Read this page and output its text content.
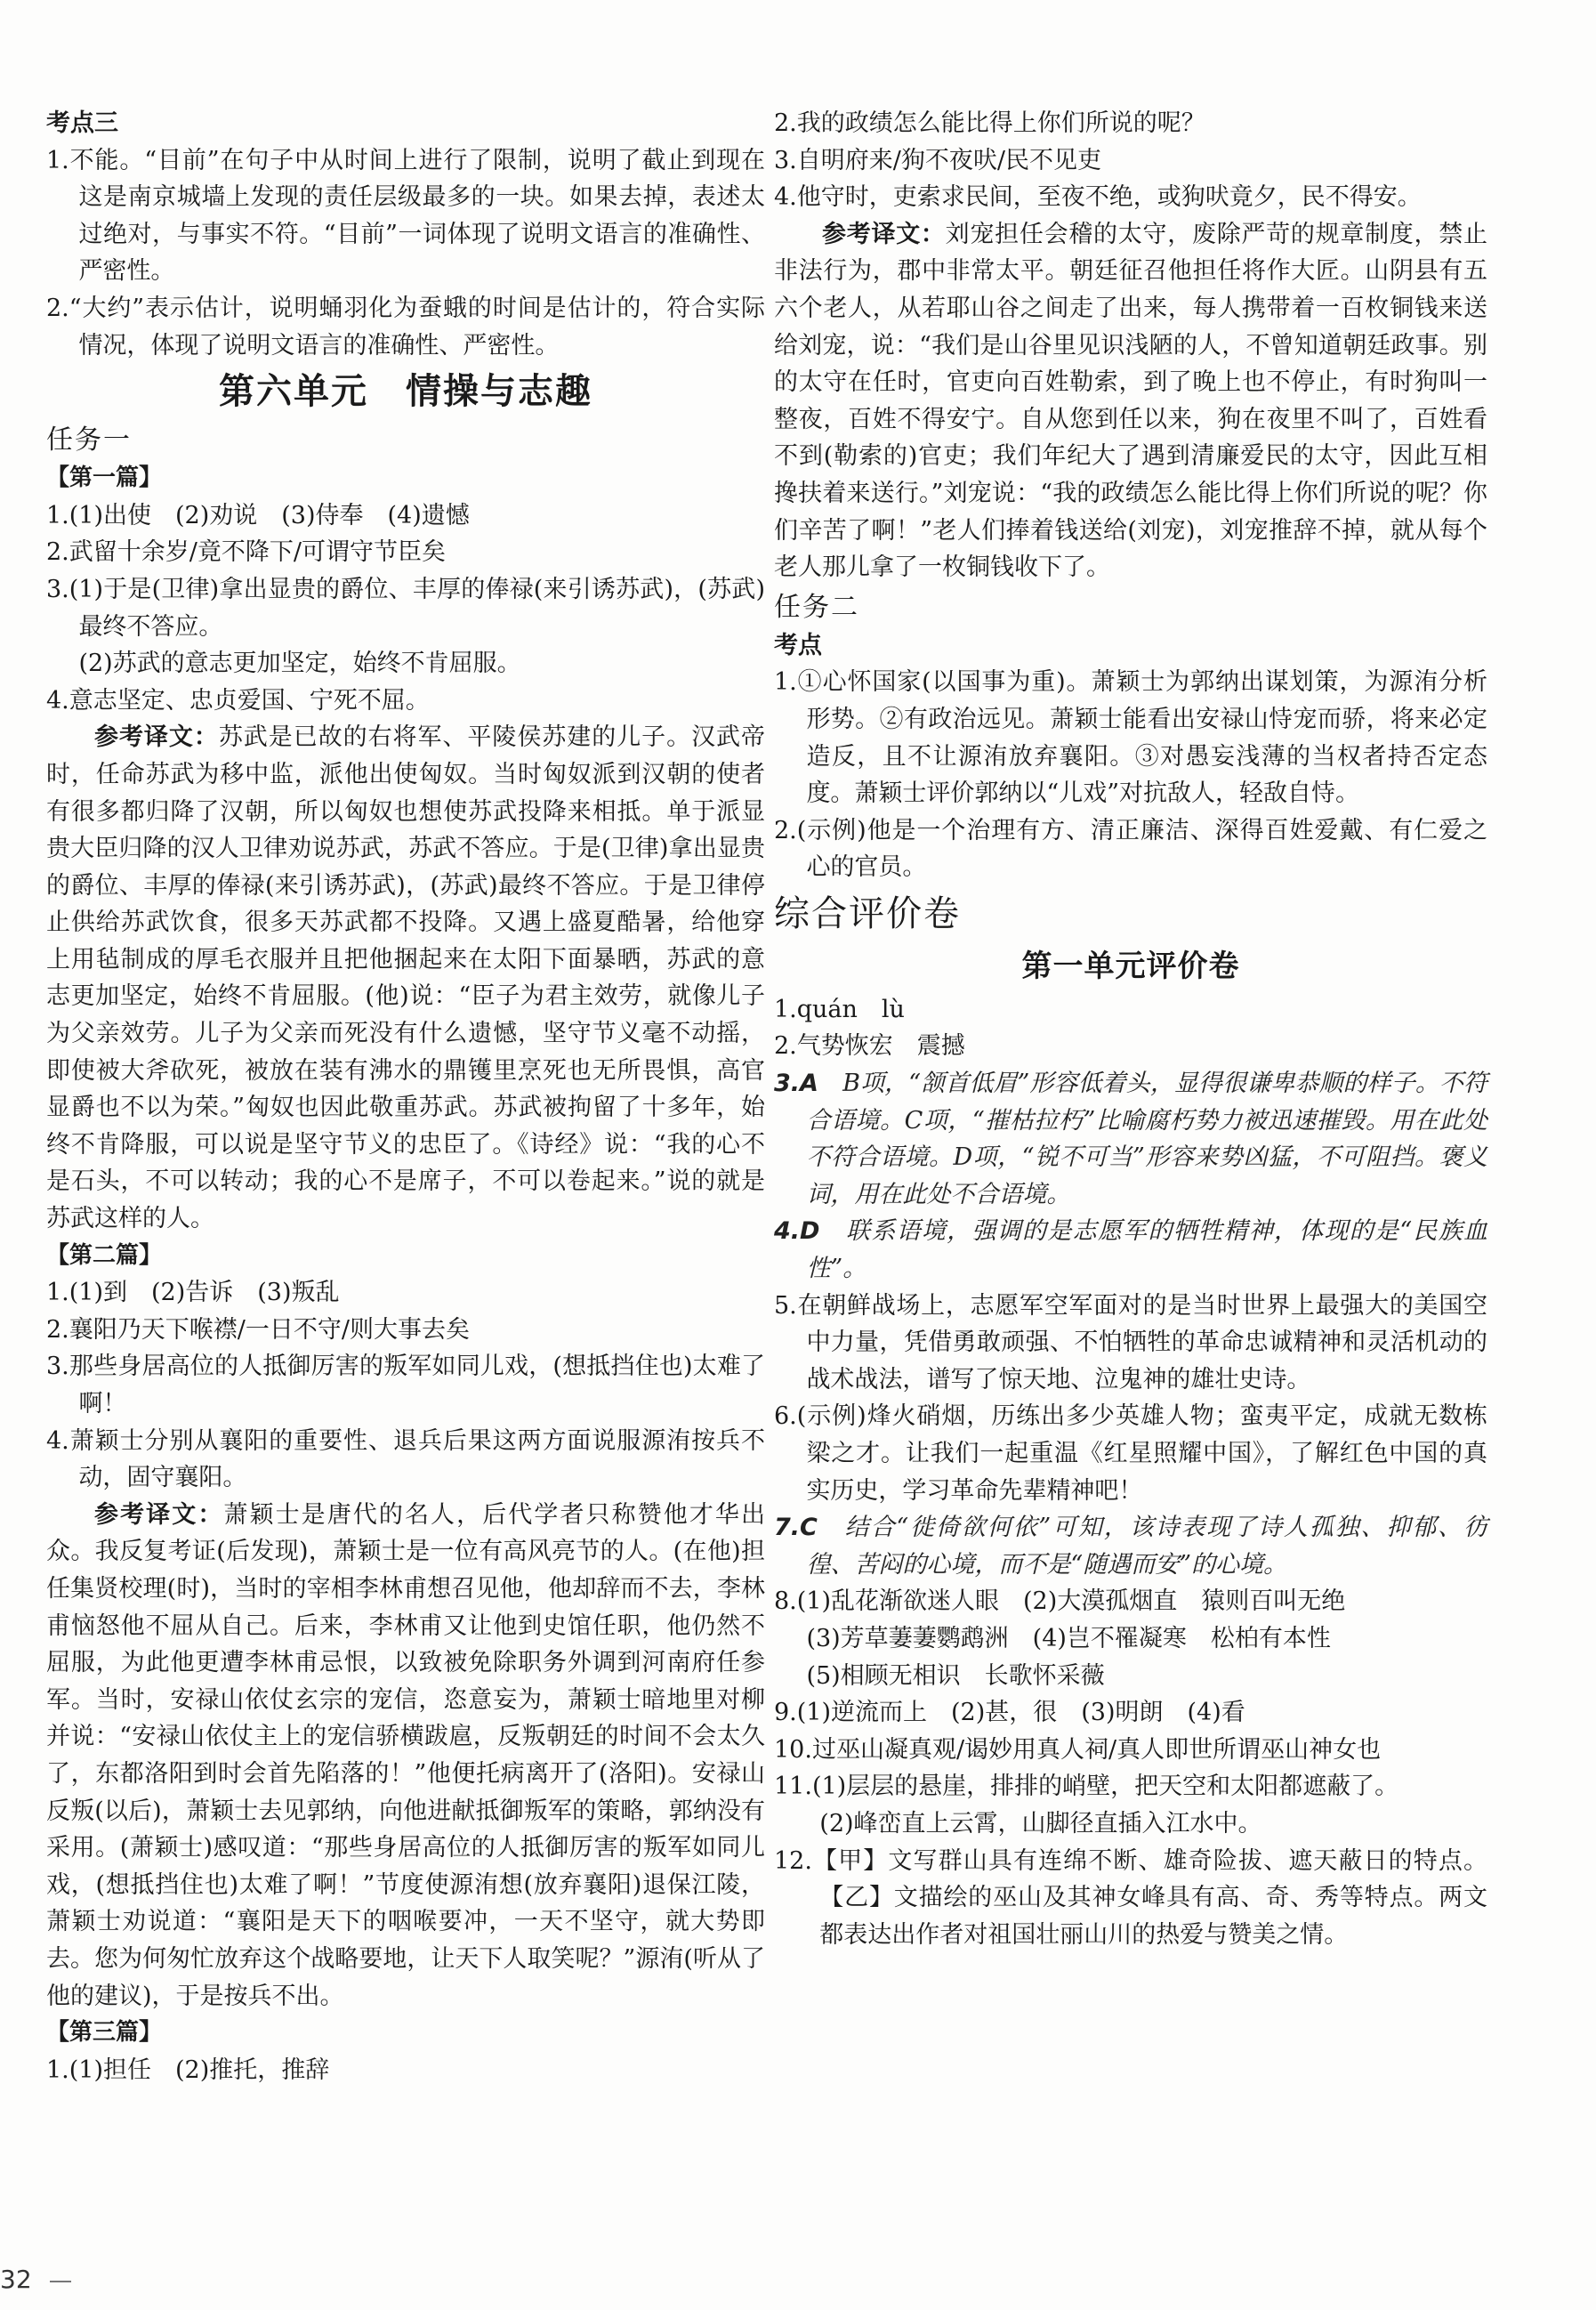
考点三

1.不能。“目前”在句子中从时间上进行了限制，说明了截止到现在这是南京城墙上发现的责任层级最多的一块。如果去掉，表述太过绝对，与事实不符。“目前”一词体现了说明文语言的准确性、严密性。

2.“大约”表示估计，说明蛹羽化为蚕蛾的时间是估计的，符合实际情况，体现了说明文语言的准确性、严密性。

第六单元　情操与志趣

任务一

【第一篇】

1.(1)出使　(2)劝说　(3)侍奉　(4)遗憾

2.武留十余岁/竟不降下/可谓守节臣矣

3.(1)于是(卫律)拿出显贵的爵位、丰厚的俸禄(来引诱苏武)，(苏武)最终不答应。

(2)苏武的意志更加坚定，始终不肯屈服。

4.意志坚定、忠贞爱国、宁死不屈。

参考译文：苏武是已故的右将军、平陵侯苏建的儿子。汉武帝时，任命苏武为移中监，派他出使匈奴。当时匈奴派到汉朝的使者有很多都归降了汉朝，所以匈奴也想使苏武投降来相抵。单于派显贵大臣归降的汉人卫律劝说苏武，苏武不答应。于是(卫律)拿出显贵的爵位、丰厚的俸禄(来引诱苏武)，(苏武)最终不答应。于是卫律停止供给苏武饮食，很多天苏武都不投降。又遇上盛夏酷暑，给他穿上用毡制成的厚毛衣服并且把他捆起来在太阳下面暴晒，苏武的意志更加坚定，始终不肯屈服。(他)说：“臣子为君主效劳，就像儿子为父亲效劳。儿子为父亲而死没有什么遗憾，坚守节义毫不动摇，即使被大斧砍死，被放在装有沸水的鼎镬里烹死也无所畏惧，高官显爵也不以为荣。”匈奴也因此敬重苏武。苏武被拘留了十多年，始终不肯降服，可以说是坚守节义的忠臣了。《诗经》说：“我的心不是石头，不可以转动；我的心不是席子，不可以卷起来。”说的就是苏武这样的人。

【第二篇】

1.(1)到　(2)告诉　(3)叛乱

2.襄阳乃天下喉襟/一日不守/则大事去矣

3.那些身居高位的人抵御厉害的叛军如同儿戏，(想抵挡住也)太难了啊！

4.萧颖士分别从襄阳的重要性、退兵后果这两方面说服源洧按兵不动，固守襄阳。

参考译文：萧颖士是唐代的名人，后代学者只称赞他才华出众。我反复考证(后发现)，萧颖士是一位有高风亮节的人。(在他)担任集贤校理(时)，当时的宰相李林甫想召见他，他却辞而不去，李林甫恼怒他不屈从自己。后来，李林甫又让他到史馆任职，他仍然不屈服，为此他更遭李林甫忌恨，以致被免除职务外调到河南府任参军。当时，安禄山依仗玄宗的宠信，恣意妄为，萧颖士暗地里对柳并说：“安禄山依仗主上的宠信骄横跋扈，反叛朝廷的时间不会太久了，东都洛阳到时会首先陷落的！”他便托病离开了(洛阳)。安禄山反叛(以后)，萧颖士去见郭纳，向他进献抵御叛军的策略，郭纳没有采用。(萧颖士)感叹道：“那些身居高位的人抵御厉害的叛军如同儿戏，(想抵挡住也)太难了啊！”节度使源洧想(放弃襄阳)退保江陵，萧颖士劝说道：“襄阳是天下的咽喉要冲，一天不坚守，就大势即去。您为何匆忙放弃这个战略要地，让天下人取笑呢？”源洧(听从了他的建议)，于是按兵不出。

【第三篇】

1.(1)担任　(2)推托，推辞

2.我的政绩怎么能比得上你们所说的呢？

3.自明府来/狗不夜吠/民不见吏

4.他守时，吏索求民间，至夜不绝，或狗吠竟夕，民不得安。

参考译文：刘宠担任会稽的太守，废除严苛的规章制度，禁止非法行为，郡中非常太平。朝廷征召他担任将作大匠。山阴县有五六个老人，从若耶山谷之间走了出来，每人携带着一百枚铜钱来送给刘宠，说：“我们是山谷里见识浅陋的人，不曾知道朝廷政事。别的太守在任时，官吏向百姓勒索，到了晚上也不停止，有时狗叫一整夜，百姓不得安宁。自从您到任以来，狗在夜里不叫了，百姓看不到(勒索的)官吏；我们年纪大了遇到清廉爱民的太守，因此互相搀扶着来送行。”刘宠说：“我的政绩怎么能比得上你们所说的呢？你们辛苦了啊！”老人们捧着钱送给(刘宠)，刘宠推辞不掉，就从每个老人那儿拿了一枚铜钱收下了。

任务二

考点

1.①心怀国家(以国事为重)。萧颖士为郭纳出谋划策，为源洧分析形势。②有政治远见。萧颖士能看出安禄山恃宠而骄，将来必定造反，且不让源洧放弃襄阳。③对愚妄浅薄的当权者持否定态度。萧颖士评价郭纳以“儿戏”对抗敌人，轻敌自恃。

2.(示例)他是一个治理有方、清正廉洁、深得百姓爱戴、有仁爱之心的官员。

综合评价卷

第一单元评价卷

1.quán　lù

2.气势恢宏　震撼

3.A　B项，“颔首低眉”形容低着头，显得很谦卑恭顺的样子。不符合语境。C项，“摧枯拉朽”比喻腐朽势力被迅速摧毁。用在此处不符合语境。D项，“锐不可当”形容来势凶猛，不可阻挡。褒义词，用在此处不合语境。

4.D　联系语境，强调的是志愿军的牺牲精神，体现的是“民族血性”。

5.在朝鲜战场上，志愿军空军面对的是当时世界上最强大的美国空中力量，凭借勇敢顽强、不怕牺牲的革命忠诚精神和灵活机动的战术战法，谱写了惊天地、泣鬼神的雄壮史诗。

6.(示例)烽火硝烟，历练出多少英雄人物；蛮夷平定，成就无数栋梁之才。让我们一起重温《红星照耀中国》，了解红色中国的真实历史，学习革命先辈精神吧！

7.C　结合“徙倚欲何依”可知，该诗表现了诗人孤独、抑郁、彷徨、苦闷的心境，而不是“随遇而安”的心境。

8.(1)乱花渐欲迷人眼　(2)大漠孤烟直　猿则百叫无绝

(3)芳草萋萋鹦鹉洲　(4)岂不罹凝寒　松柏有本性

(5)相顾无相识　长歌怀采薇

9.(1)逆流而上　(2)甚，很　(3)明朗　(4)看

10.过巫山凝真观/谒妙用真人祠/真人即世所谓巫山神女也

11.(1)层层的悬崖，排排的峭壁，把天空和太阳都遮蔽了。

(2)峰峦直上云霄，山脚径直插入江水中。

12.【甲】文写群山具有连绵不断、雄奇险拔、遮天蔽日的特点。【乙】文描绘的巫山及其神女峰具有高、奇、秀等特点。两文都表达出作者对祖国壮丽山川的热爱与赞美之情。

32
